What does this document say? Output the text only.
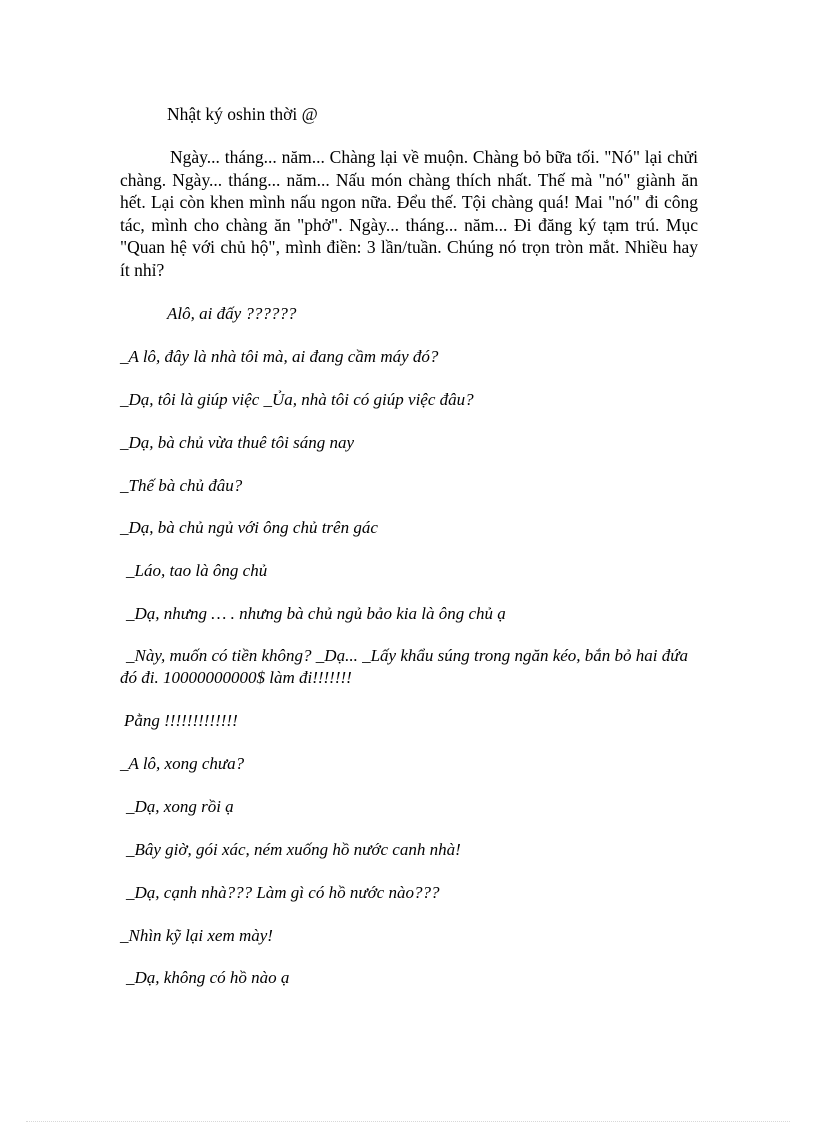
Nhật ký oshin thời @

Ngày... tháng... năm... Chàng lại về muộn. Chàng bỏ bữa tối. "Nó" lại chửi chàng. Ngày... tháng... năm... Nấu món chàng thích nhất. Thế mà "nó" giành ăn hết. Lại còn khen mình nấu ngon nữa. Đểu thế. Tội chàng quá! Mai "nó" đi công tác, mình cho chàng ăn "phở". Ngày... tháng... năm... Đi đăng ký tạm trú. Mục "Quan hệ với chủ hộ", mình điền: 3 lần/tuần. Chúng nó trọn tròn mắt. Nhiều hay ít nhỉ?

Alô, ai đấy ??????
_A lô, đây là nhà tôi mà, ai đang cầm máy đó?
_Dạ, tôi là giúp việc _Ủa, nhà tôi có giúp việc đâu?
_Dạ, bà chủ vừa thuê tôi sáng nay
_Thế bà chủ đâu?
_Dạ, bà chủ ngủ với ông chủ trên gác
_Láo, tao là ông chủ
_Dạ, nhưng … . nhưng bà chủ ngủ bảo kia là ông chủ ạ
_Này, muốn có tiền không? _Dạ... _Lấy khẩu súng trong ngăn kéo, bắn bỏ hai đứa đó đi. 10000000000$ làm đi!!!!!!!
Pằng !!!!!!!!!!!!!
_A lô, xong chưa?
_Dạ, xong rồi ạ
_Bây giờ, gói xác, ném xuống hồ nước canh nhà!
_Dạ, cạnh nhà??? Làm gì có hồ nước nào???
_Nhìn kỹ lại xem mày!
_Dạ, không có hồ nào ạ
